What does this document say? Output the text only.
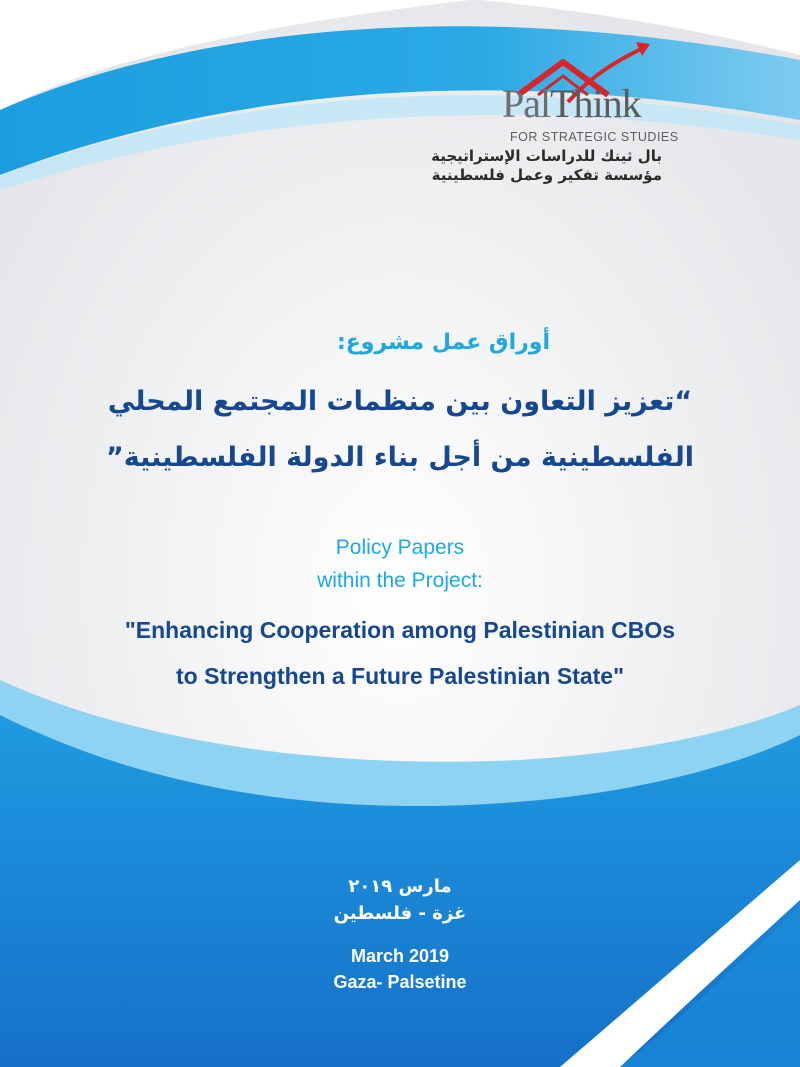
PalThink
FOR STRATEGIC STUDIES
بال ثينك للدراسات الإستراتيجية
مؤسسة تفكير وعمل فلسطينية
أوراق عمل مشروع:
“تعزيز التعاون بين منظمات المجتمع المحلي
الفلسطينية من أجل بناء الدولة الفلسطينية”
Policy Papers
within the Project:
"Enhancing Cooperation among Palestinian CBOs
to Strengthen a Future Palestinian State"
مارس ٢٠١٩
غزة - فلسطين
March 2019
Gaza- Palsetine
